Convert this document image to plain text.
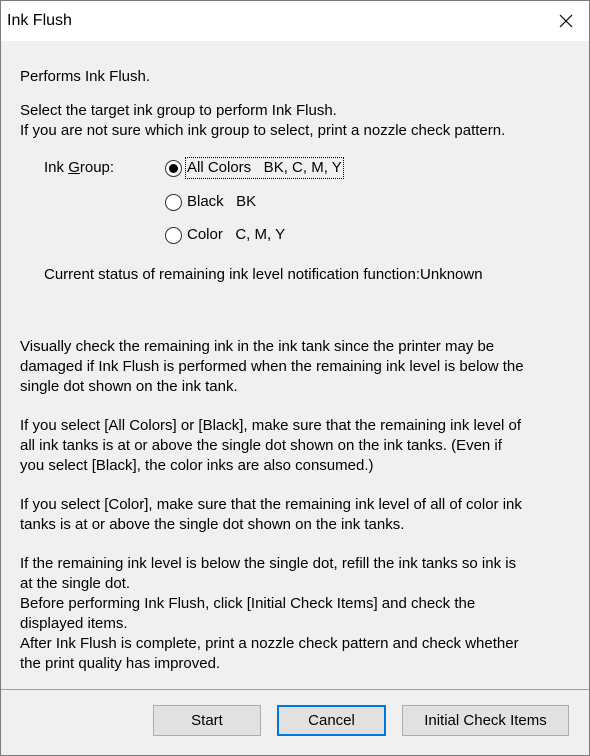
Ink Flush
Performs Ink Flush.
Select the target ink group to perform Ink Flush.
If you are not sure which ink group to select, print a nozzle check pattern.
Ink Group:	All Colors   BK, C, M, Y
Black   BK
Color   C, M, Y
Current status of remaining ink level notification function:Unknown
Visually check the remaining ink in the ink tank since the printer may be
damaged if Ink Flush is performed when the remaining ink level is below the
single dot shown on the ink tank.
If you select [All Colors] or [Black], make sure that the remaining ink level of
all ink tanks is at or above the single dot shown on the ink tanks. (Even if
you select [Black], the color inks are also consumed.)
If you select [Color], make sure that the remaining ink level of all of color ink
tanks is at or above the single dot shown on the ink tanks.
If the remaining ink level is below the single dot, refill the ink tanks so ink is
at the single dot.
Before performing Ink Flush, click [Initial Check Items] and check the
displayed items.
After Ink Flush is complete, print a nozzle check pattern and check whether
the print quality has improved.
Start	Cancel	Initial Check Items
